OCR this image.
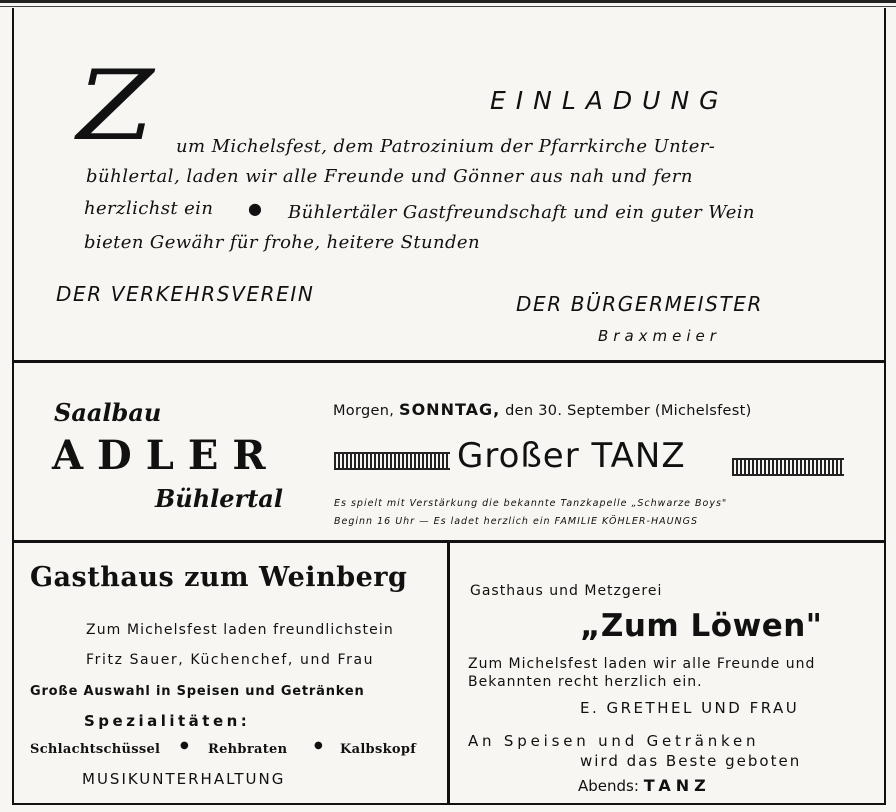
Z	EINLADUNG
um Michelsfest, dem Patrozinium der Pfarrkirche Unter-
bühlertal, laden wir alle Freunde und Gönner aus nah und fern
herzlichst ein ● Bühlertäler Gastfreundschaft und ein guter Wein
bieten Gewähr für frohe, heitere Stunden
DER VERKEHRSVEREIN	DER BÜRGERMEISTER
Braxmeier
Saalbau
ADLER
Bühlertal
Morgen, SONNTAG, den 30. September (Michelsfest)
Großer TANZ
Es spielt mit Verstärkung die bekannte Tanzkapelle „Schwarze Boys"
Beginn 16 Uhr — Es ladet herzlich ein FAMILIE KÖHLER-HAUNGS
Gasthaus zum Weinberg
Zum Michelsfest laden freundlichstein
Fritz Sauer, Küchenchef, und Frau
Große Auswahl in Speisen und Getränken
Spezialitäten:
Schlachtschüssel ● Rehbraten	● Kalbskopf
MUSIKUNTERHALTUNG
Gasthaus und Metzgerei
„Zum Löwen"
Zum Michelsfest laden wir alle Freunde und
Bekannten recht herzlich ein.
E. GRETHEL UND FRAU
An Speisen und Getränken
wird das Beste geboten
Abends: TANZ
